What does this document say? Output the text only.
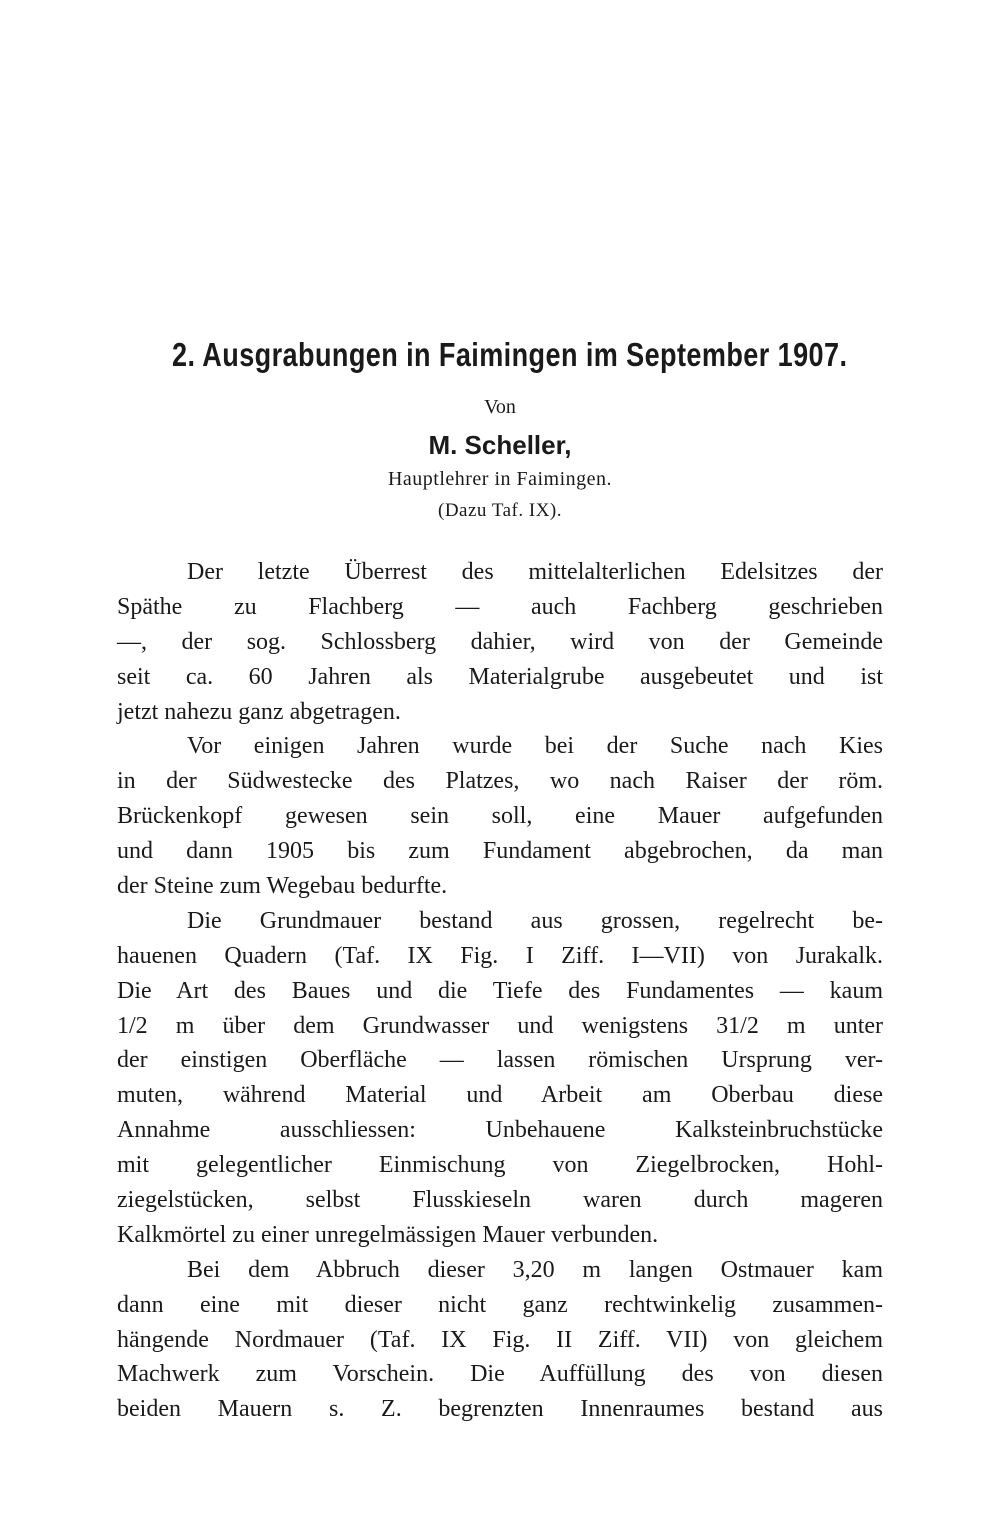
2. Ausgrabungen in Faimingen im September 1907.
Von
M. Scheller,
Hauptlehrer in Faimingen.
(Dazu Taf. IX).
Der letzte Überrest des mittelalterlichen Edelsitzes der
Späthe zu Flachberg — auch Fachberg geschrieben
—, der sog. Schlossberg dahier, wird von der Gemeinde
seit ca. 60 Jahren als Materialgrube ausgebeutet und ist
jetzt nahezu ganz abgetragen.
Vor einigen Jahren wurde bei der Suche nach Kies
in der Südwestecke des Platzes, wo nach Raiser der röm.
Brückenkopf gewesen sein soll, eine Mauer aufgefunden
und dann 1905 bis zum Fundament abgebrochen, da man
der Steine zum Wegebau bedurfte.
Die Grundmauer bestand aus grossen, regelrecht be-
hauenen Quadern (Taf. IX Fig. I Ziff. I—VII) von Jurakalk.
Die Art des Baues und die Tiefe des Fundamentes — kaum
1/2 m über dem Grundwasser und wenigstens 31/2 m unter
der einstigen Oberfläche — lassen römischen Ursprung ver-
muten, während Material und Arbeit am Oberbau diese
Annahme ausschliessen: Unbehauene Kalksteinbruchstücke
mit gelegentlicher Einmischung von Ziegelbrocken, Hohl-
ziegelstücken, selbst Flusskieseln waren durch mageren
Kalkmörtel zu einer unregelmässigen Mauer verbunden.
Bei dem Abbruch dieser 3,20 m langen Ostmauer kam
dann eine mit dieser nicht ganz rechtwinkelig zusammen-
hängende Nordmauer (Taf. IX Fig. II Ziff. VII) von gleichem
Machwerk zum Vorschein. Die Auffüllung des von diesen
beiden Mauern s. Z. begrenzten Innenraumes bestand aus
